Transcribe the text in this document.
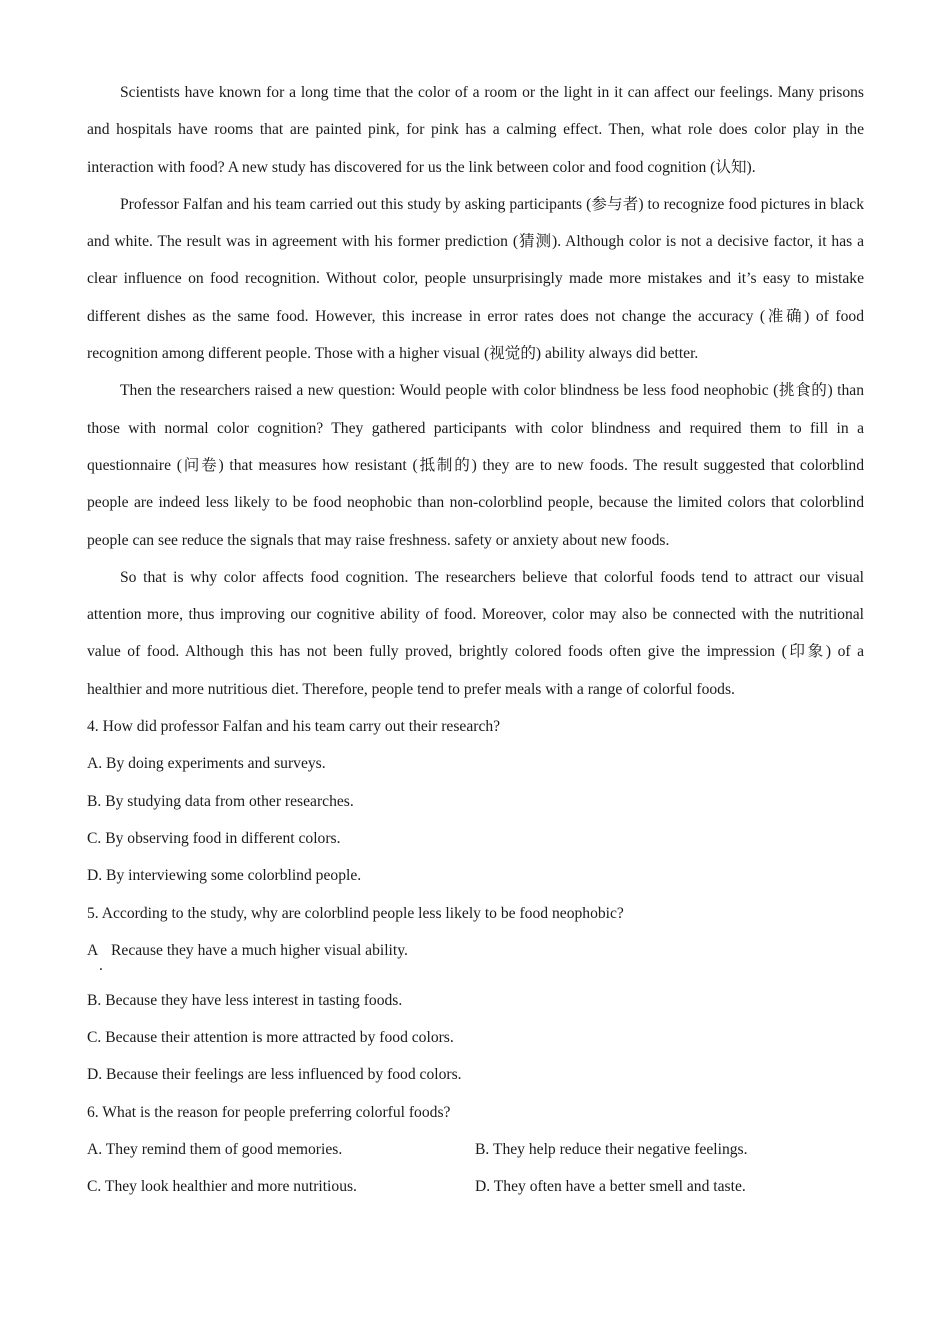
Scientists have known for a long time that the color of a room or the light in it can affect our feelings. Many prisons and hospitals have rooms that are painted pink, for pink has a calming effect. Then, what role does color play in the interaction with food? A new study has discovered for us the link between color and food cognition (认知).

Professor Falfan and his team carried out this study by asking participants (参与者) to recognize food pictures in black and white. The result was in agreement with his former prediction (猜测). Although color is not a decisive factor, it has a clear influence on food recognition. Without color, people unsurprisingly made more mistakes and it’s easy to mistake different dishes as the same food. However, this increase in error rates does not change the accuracy (准确) of food recognition among different people. Those with a higher visual (视觉的) ability always did better.

Then the researchers raised a new question: Would people with color blindness be less food neophobic (挑食的) than those with normal color cognition? They gathered participants with color blindness and required them to fill in a questionnaire (问卷) that measures how resistant (抵制的) they are to new foods. The result suggested that colorblind people are indeed less likely to be food neophobic than non-colorblind people, because the limited colors that colorblind people can see reduce the signals that may raise freshness. safety or anxiety about new foods.

So that is why color affects food cognition. The researchers believe that colorful foods tend to attract our visual attention more, thus improving our cognitive ability of food. Moreover, color may also be connected with the nutritional value of food. Although this has not been fully proved, brightly colored foods often give the impression (印象) of a healthier and more nutritious diet. Therefore, people tend to prefer meals with a range of colorful foods.

4. How did professor Falfan and his team carry out their research?

A. By doing experiments and surveys.

B. By studying data from other researches.

C. By observing food in different colors.

D. By interviewing some colorblind people.

5. According to the study, why are colorblind people less likely to be food neophobic?

A Recause they have a much higher visual ability.
.

B. Because they have less interest in tasting foods.

C. Because their attention is more attracted by food colors.

D. Because their feelings are less influenced by food colors.

6. What is the reason for people preferring colorful foods?

A. They remind them of good memories.	B. They help reduce their negative feelings.
C. They look healthier and more nutritious.	D. They often have a better smell and taste.
